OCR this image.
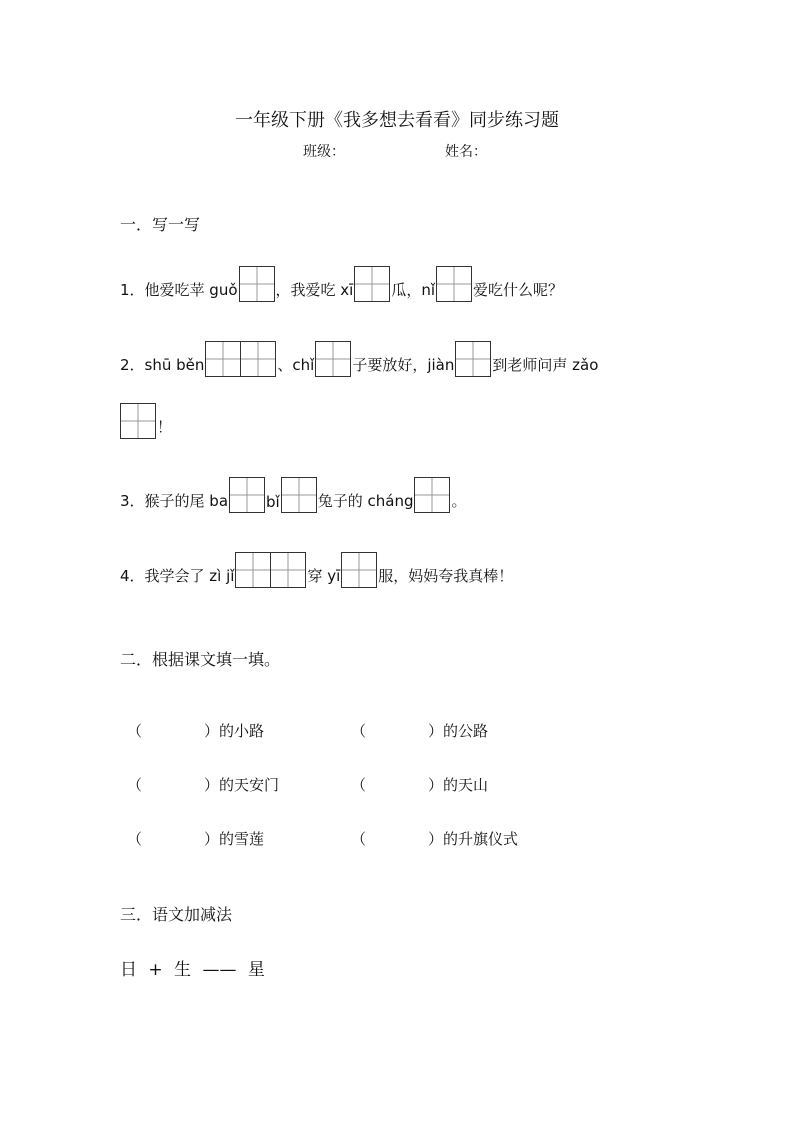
一年级下册《我多想去看看》同步练习题
班级：	姓名：
一．写一写
1．他爱吃苹 guǒ	，我爱吃 xī	瓜，nǐ	爱吃什么呢？
2．shū běn	、chǐ	子要放好，jiàn	到老师问声 zǎo
！
3．猴子的尾 ba	bǐ	兔子的 cháng	。
4．我学会了 zì jǐ	穿 yī	服，妈妈夸我真棒！
二．根据课文填一填。
（	）的小路	（	）的公路
（	）的天安门	（	）的天山
（	）的雪莲	（	）的升旗仪式
三．语文加减法
日 + 生 —— 星
